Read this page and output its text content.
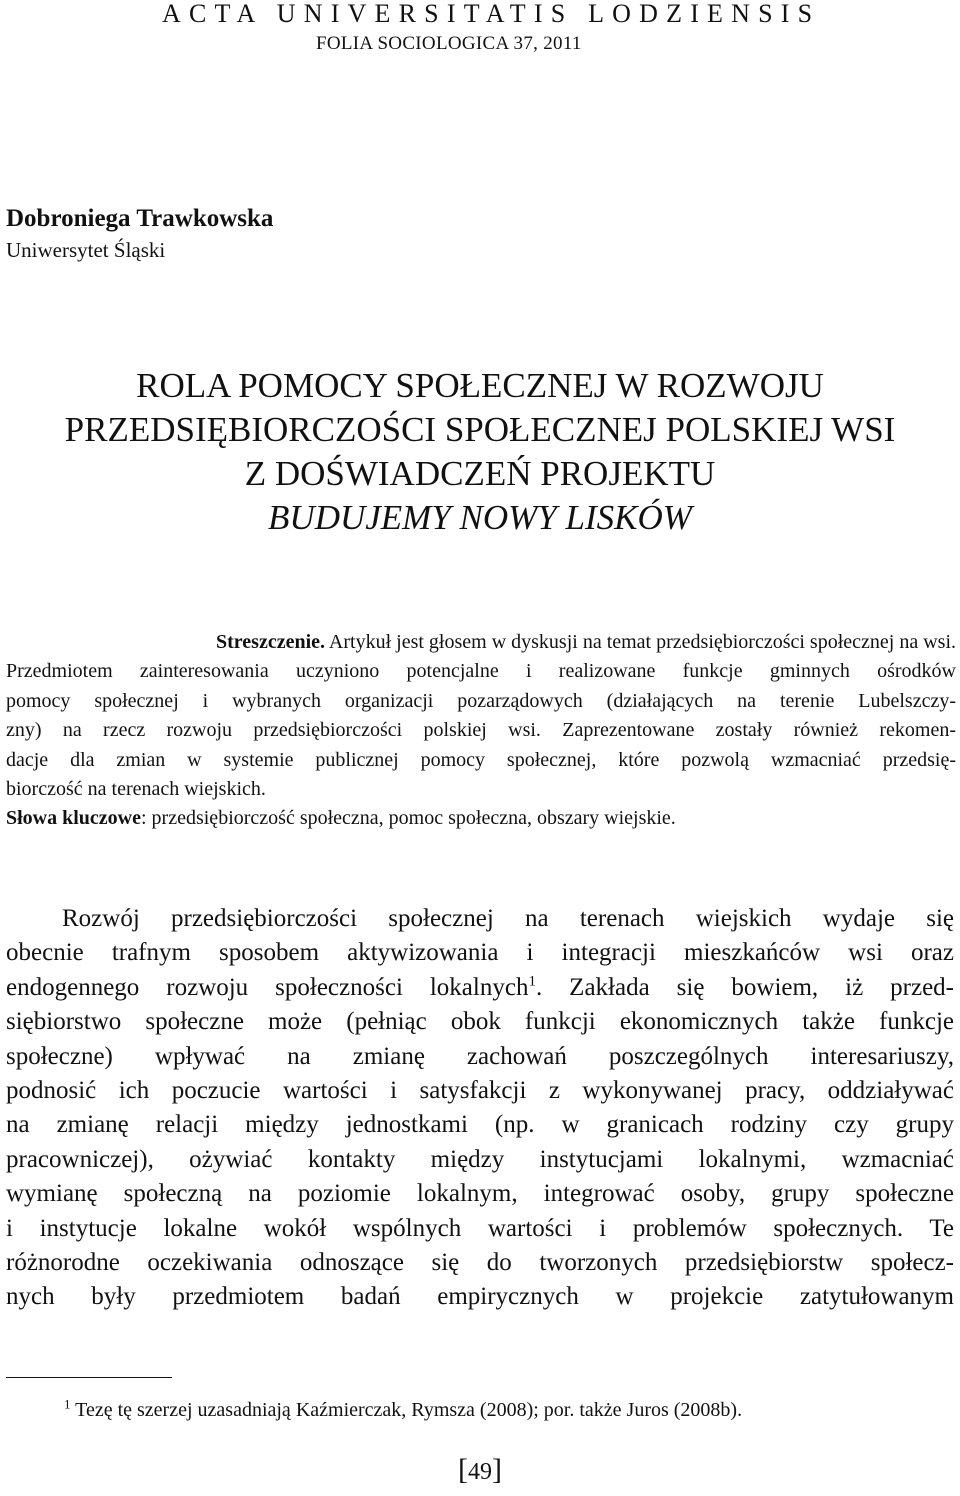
ACTA UNIVERSITATIS LODZIENSIS
FOLIA SOCIOLOGICA 37, 2011
Dobroniega Trawkowska
Uniwersytet Śląski
ROLA POMOCY SPOŁECZNEJ W ROZWOJU
PRZEDSIĘBIORCZOŚCI SPOŁECZNEJ POLSKIEJ WSI
Z DOŚWIADCZEŃ PROJEKTU
BUDUJEMY NOWY LISKÓW
Streszczenie. Artykuł jest głosem w dyskusji na temat przedsiębiorczości społecznej na wsi.
Przedmiotem zainteresowania uczyniono potencjalne i realizowane funkcje gminnych ośrodków
pomocy społecznej i wybranych organizacji pozarządowych (działających na terenie Lubelszczy-
zny) na rzecz rozwoju przedsiębiorczości polskiej wsi. Zaprezentowane zostały również rekomen-
dacje dla zmian w systemie publicznej pomocy społecznej, które pozwolą wzmacniać przedsię-
biorczość na terenach wiejskich.
Słowa kluczowe: przedsiębiorczość społeczna, pomoc społeczna, obszary wiejskie.
Rozwój przedsiębiorczości społecznej na terenach wiejskich wydaje się
obecnie trafnym sposobem aktywizowania i integracji mieszkańców wsi oraz
endogennego rozwoju społeczności lokalnych$^1$. Zakłada się bowiem, iż przed-
siębiorstwo społeczne może (pełniąc obok funkcji ekonomicznych także funkcje
społeczne) wpływać na zmianę zachowań poszczególnych interesariuszy,
podnosić ich poczucie wartości i satysfakcji z wykonywanej pracy, oddziaływać
na zmianę relacji między jednostkami (np. w granicach rodziny czy grupy
pracowniczej), ożywiać kontakty między instytucjami lokalnymi, wzmacniać
wymianę społeczną na poziomie lokalnym, integrować osoby, grupy społeczne
i instytucje lokalne wokół wspólnych wartości i problemów społecznych. Te
różnorodne oczekiwania odnoszące się do tworzonych przedsiębiorstw społecz-
nych były przedmiotem badań empirycznych w projekcie zatytułowanym
$^1$ Tezę tę szerzej uzasadniają Kaźmierczak, Rymsza (2008); por. także Juros (2008b).
[49]
